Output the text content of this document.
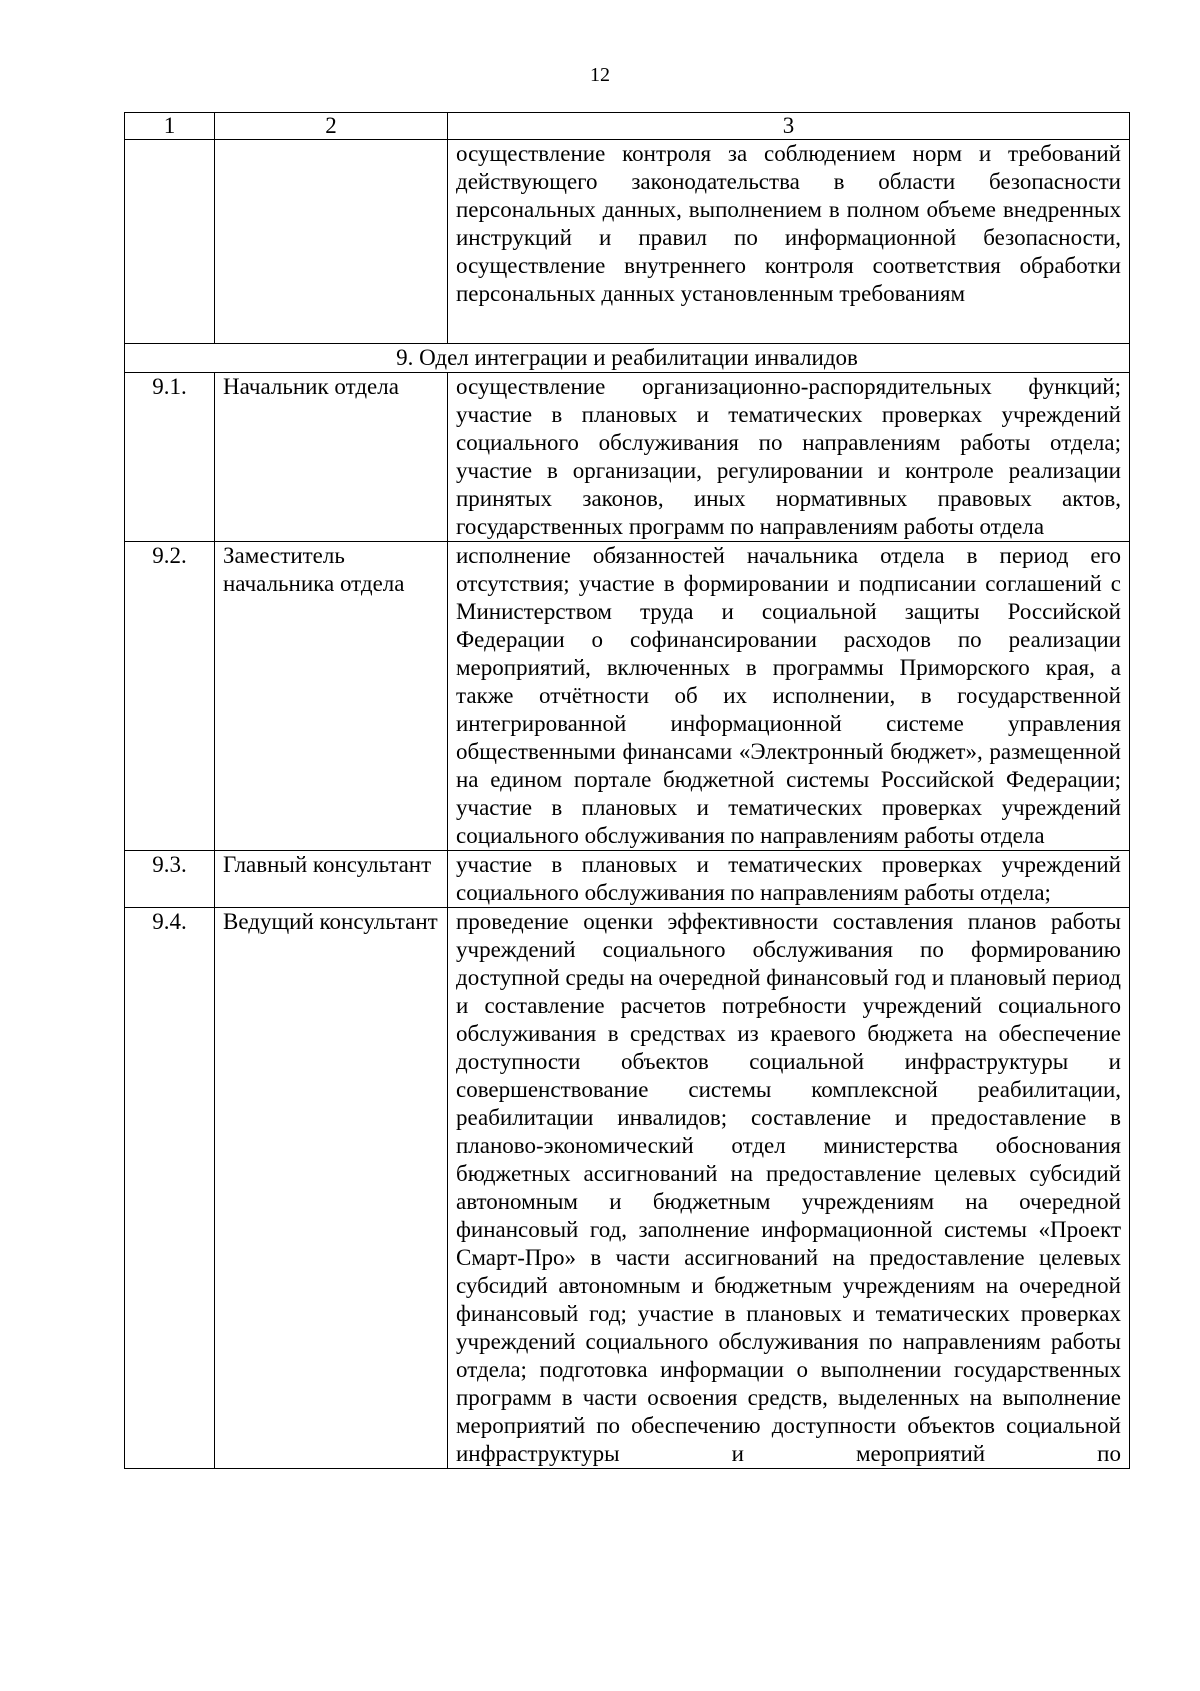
12
1	2	3

		осуществление контроля за соблюдением норм и требований действующего законодательства в области безопасности персональных данных, выполнением в полном объеме внедренных инструкций и правил по информационной безопасности, осуществление внутреннего контроля соответствия обработки персональных данных установленным требованиям

9. Одел интеграции и реабилитации инвалидов		
9.1.	Начальник отдела	осуществление организационно-распорядительных функций; участие в плановых и тематических проверках учреждений социального обслуживания по направлениям работы отдела; участие в организации, регулировании и контроле реализации принятых законов, иных нормативных правовых актов, государственных программ по направлениям работы отдела

9.2.	Заместитель начальника отдела	исполнение обязанностей начальника отдела в период его отсутствия; участие в формировании и подписании соглашений с Министерством труда и социальной защиты Российской Федерации о софинансировании расходов по реализации мероприятий, включенных в программы Приморского края, а также отчётности об их исполнении, в государственной интегрированной информационной системе управления общественными финансами «Электронный бюджет», размещенной на едином портале бюджетной системы Российской Федерации; участие в плановых и тематических проверках учреждений социального обслуживания по направлениям работы отдела

9.3.	Главный консультант	участие в плановых и тематических проверках учреждений социального обслуживания по направлениям работы отдела;

9.4.	Ведущий консультант	проведение оценки эффективности составления планов работы учреждений социального обслуживания по формированию доступной среды на очередной финансовый год и плановый период и составление расчетов потребности учреждений социального обслуживания в средствах из краевого бюджета на обеспечение доступности объектов социальной инфраструктуры и совершенствование системы комплексной реабилитации, реабилитации инвалидов; составление и предоставление в планово-экономический отдел министерства обоснования бюджетных ассигнований на предоставление целевых субсидий автономным и бюджетным учреждениям на очередной финансовый год, заполнение информационной системы «Проект Смарт-Про» в части ассигнований на предоставление целевых субсидий автономным и бюджетным учреждениям на очередной финансовый год; участие в плановых и тематических проверках учреждений социального обслуживания по направлениям работы отдела; подготовка информации о выполнении государственных программ в части освоения средств, выделенных на выполнение мероприятий по обеспечению доступности объектов социальной инфраструктуры и мероприятий по
